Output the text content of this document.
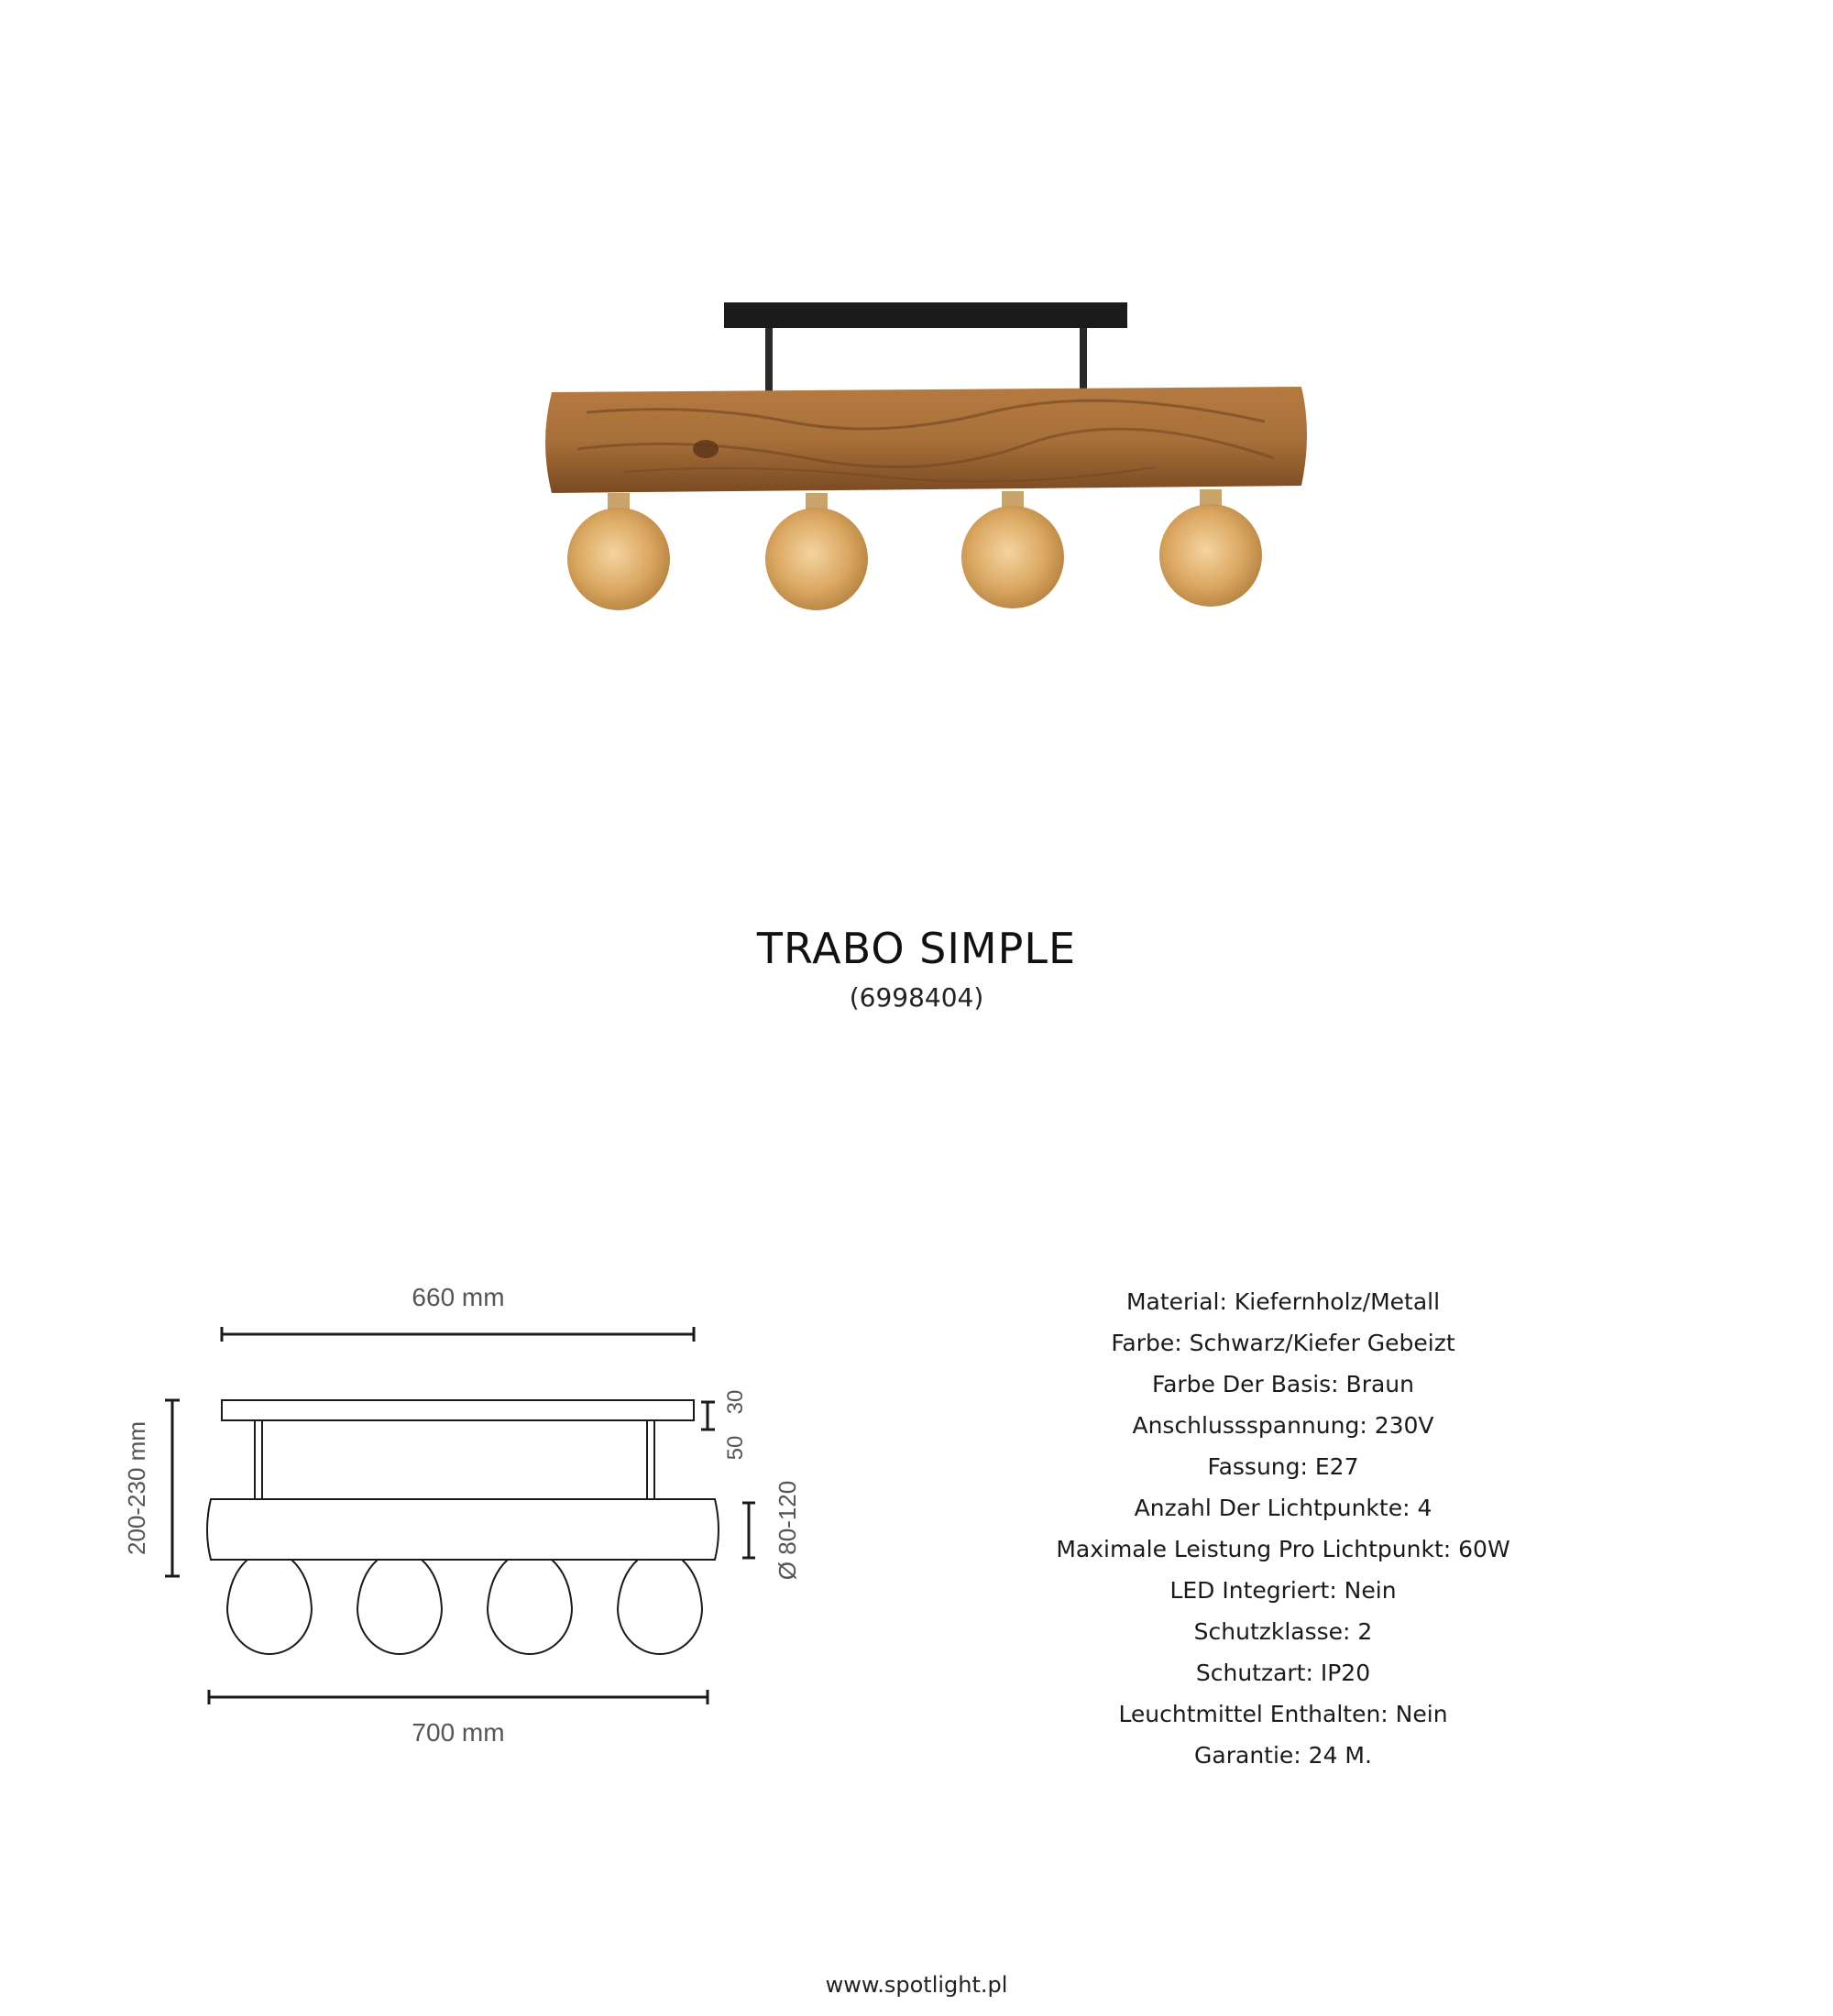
TRABO SIMPLE
(6998404)
660 mm
200-230 mm	50
30
Ø 80-120
700 mm
Material: Kiefernholz/Metall
Farbe: Schwarz/Kiefer Gebeizt
Farbe Der Basis: Braun
Anschlussspannung: 230V
Fassung: E27
Anzahl Der Lichtpunkte: 4
Maximale Leistung Pro Lichtpunkt: 60W
LED Integriert: Nein
Schutzklasse: 2
Schutzart: IP20
Leuchtmittel Enthalten: Nein
Garantie: 24 M.
www.spotlight.pl
